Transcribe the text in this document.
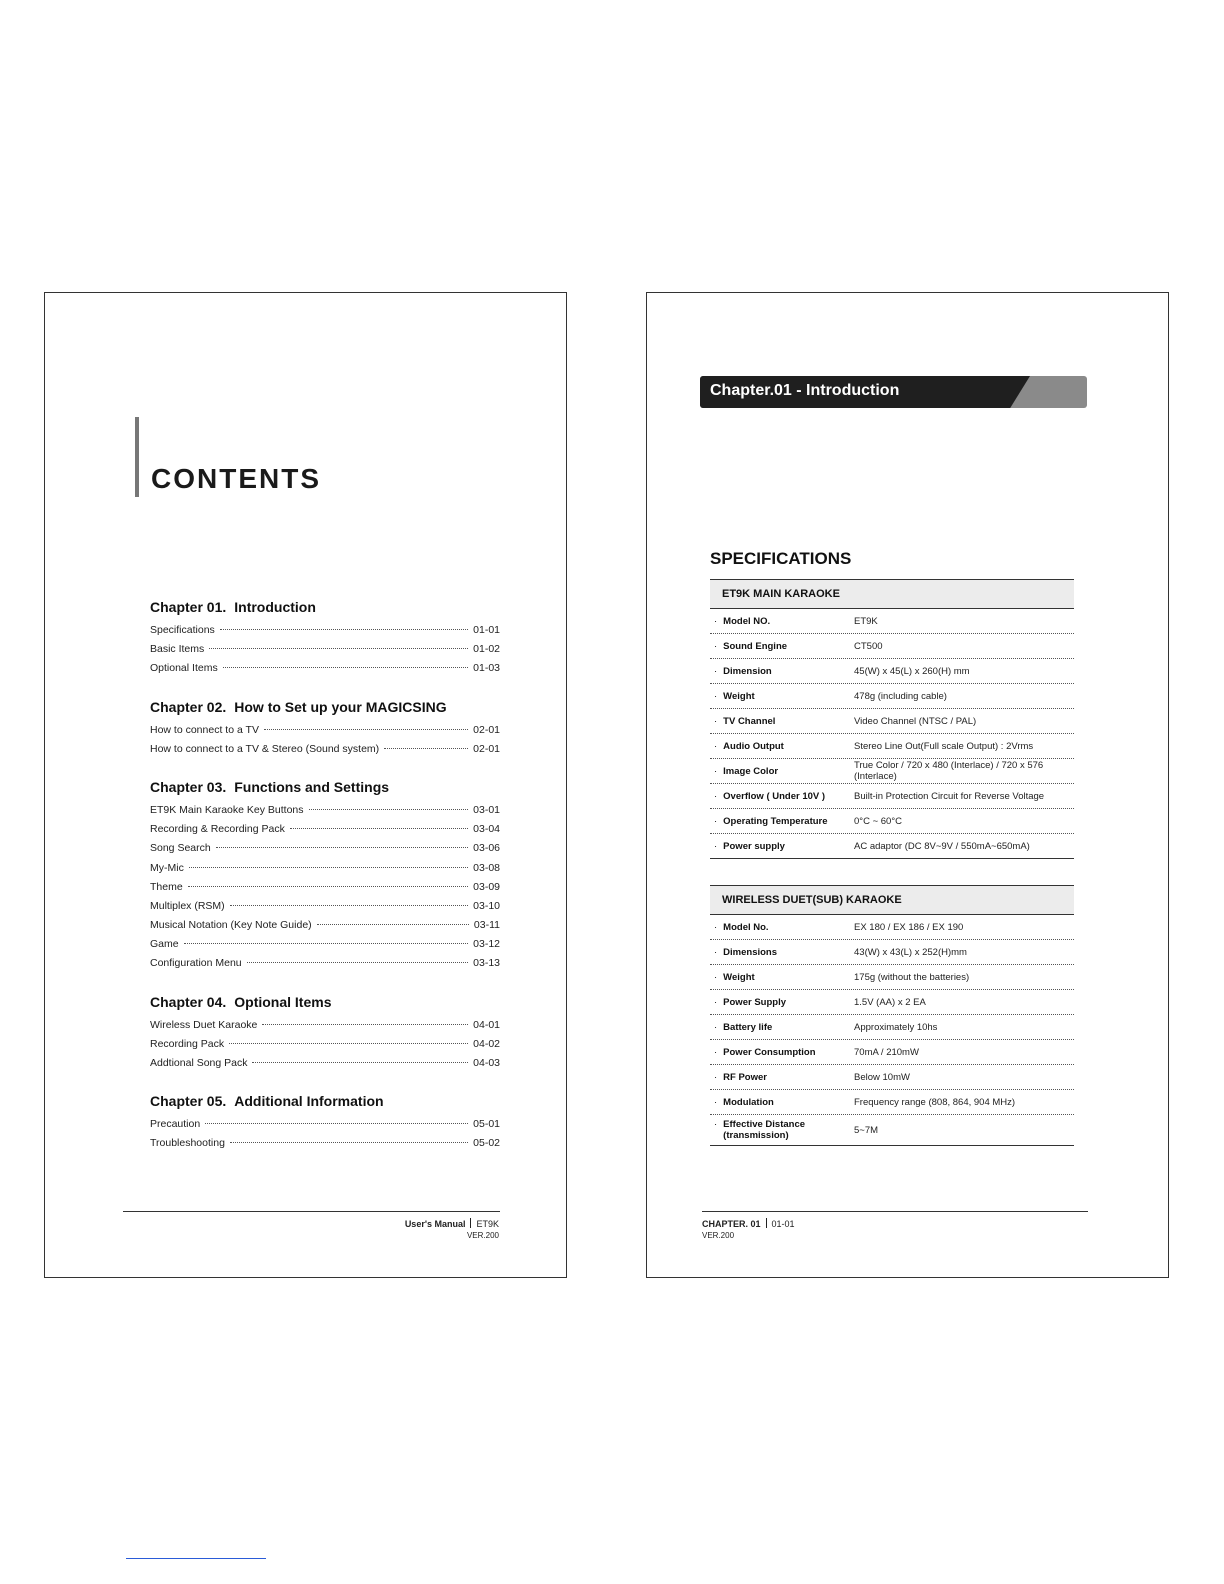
CONTENTS
Chapter 01. Introduction
Specifications	01-01
Basic Items	01-02
Optional Items	01-03
Chapter 02. How to Set up your MAGICSING
How to connect to a TV	02-01
How to connect to a TV & Stereo (Sound system)	02-01
Chapter 03. Functions and Settings
ET9K Main Karaoke Key Buttons	03-01
Recording & Recording Pack	03-04
Song Search	03-06
My-Mic	03-08
Theme	03-09
Multiplex (RSM)	03-10
Musical Notation (Key Note Guide)	03-11
Game	03-12
Configuration Menu	03-13
Chapter 04. Optional Items
Wireless Duet Karaoke	04-01
Recording Pack	04-02
Addtional Song Pack	04-03
Chapter 05. Additional Information
Precaution	05-01
Troubleshooting	05-02
User's Manual ET9K
VER.200
Chapter.01 - Introduction
SPECIFICATIONS
ET9K MAIN KARAOKE
· Model NO.	ET9K
· Sound Engine	CT500
· Dimension	45(W) x 45(L) x 260(H) mm
· Weight	478g (including cable)
· TV Channel	Video Channel (NTSC / PAL)
· Audio Output	Stereo Line Out(Full scale Output) : 2Vrms
· Image Color	True Color / 720 x 480 (Interlace) / 720 x 576 (Interlace)
· Overflow ( Under 10V )	Built-in Protection Circuit for Reverse Voltage
· Operating Temperature	0°C ~ 60°C
· Power supply	AC adaptor (DC 8V~9V / 550mA~650mA)
WIRELESS DUET(SUB) KARAOKE
· Model No.	EX 180 / EX 186 / EX 190
· Dimensions	43(W) x 43(L) x 252(H)mm
· Weight	175g (without the batteries)
· Power Supply	1.5V (AA) x 2 EA
· Battery life	Approximately 10hs
· Power Consumption	70mA / 210mW
· RF Power	Below 10mW
· Modulation	Frequency range (808, 864, 904 MHz)
· Effective Distance (transmission)	5~7M
CHAPTER. 01 01-01
VER.200
